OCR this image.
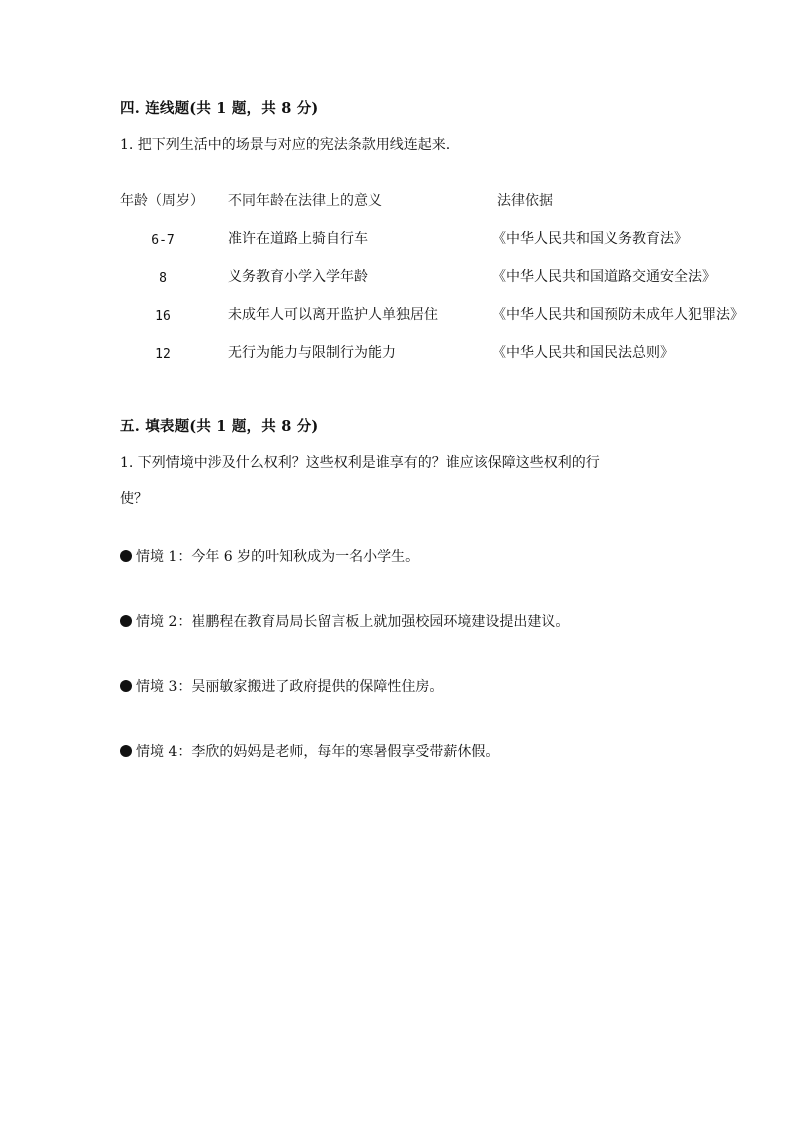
四. 连线题(共 1 题，共 8 分)
1. 把下列生活中的场景与对应的宪法条款用线连起来.
年龄（周岁） 不同年龄在法律上的意义	法律依据
6-7	准许在道路上骑自行车	《中华人民共和国义务教育法》
8	义务教育小学入学年龄	《中华人民共和国道路交通安全法》
16	未成年人可以离开监护人单独居住	《中华人民共和国预防未成年人犯罪法》
12	无行为能力与限制行为能力	《中华人民共和国民法总则》
五. 填表题(共 1 题，共 8 分)
1. 下列情境中涉及什么权利？这些权利是谁享有的？谁应该保障这些权利的行
使？
情境 1：今年 6 岁的叶知秋成为一名小学生。
情境 2：崔鹏程在教育局局长留言板上就加强校园环境建设提出建议。
情境 3：吴丽敏家搬进了政府提供的保障性住房。
情境 4：李欣的妈妈是老师，每年的寒暑假享受带薪休假。
